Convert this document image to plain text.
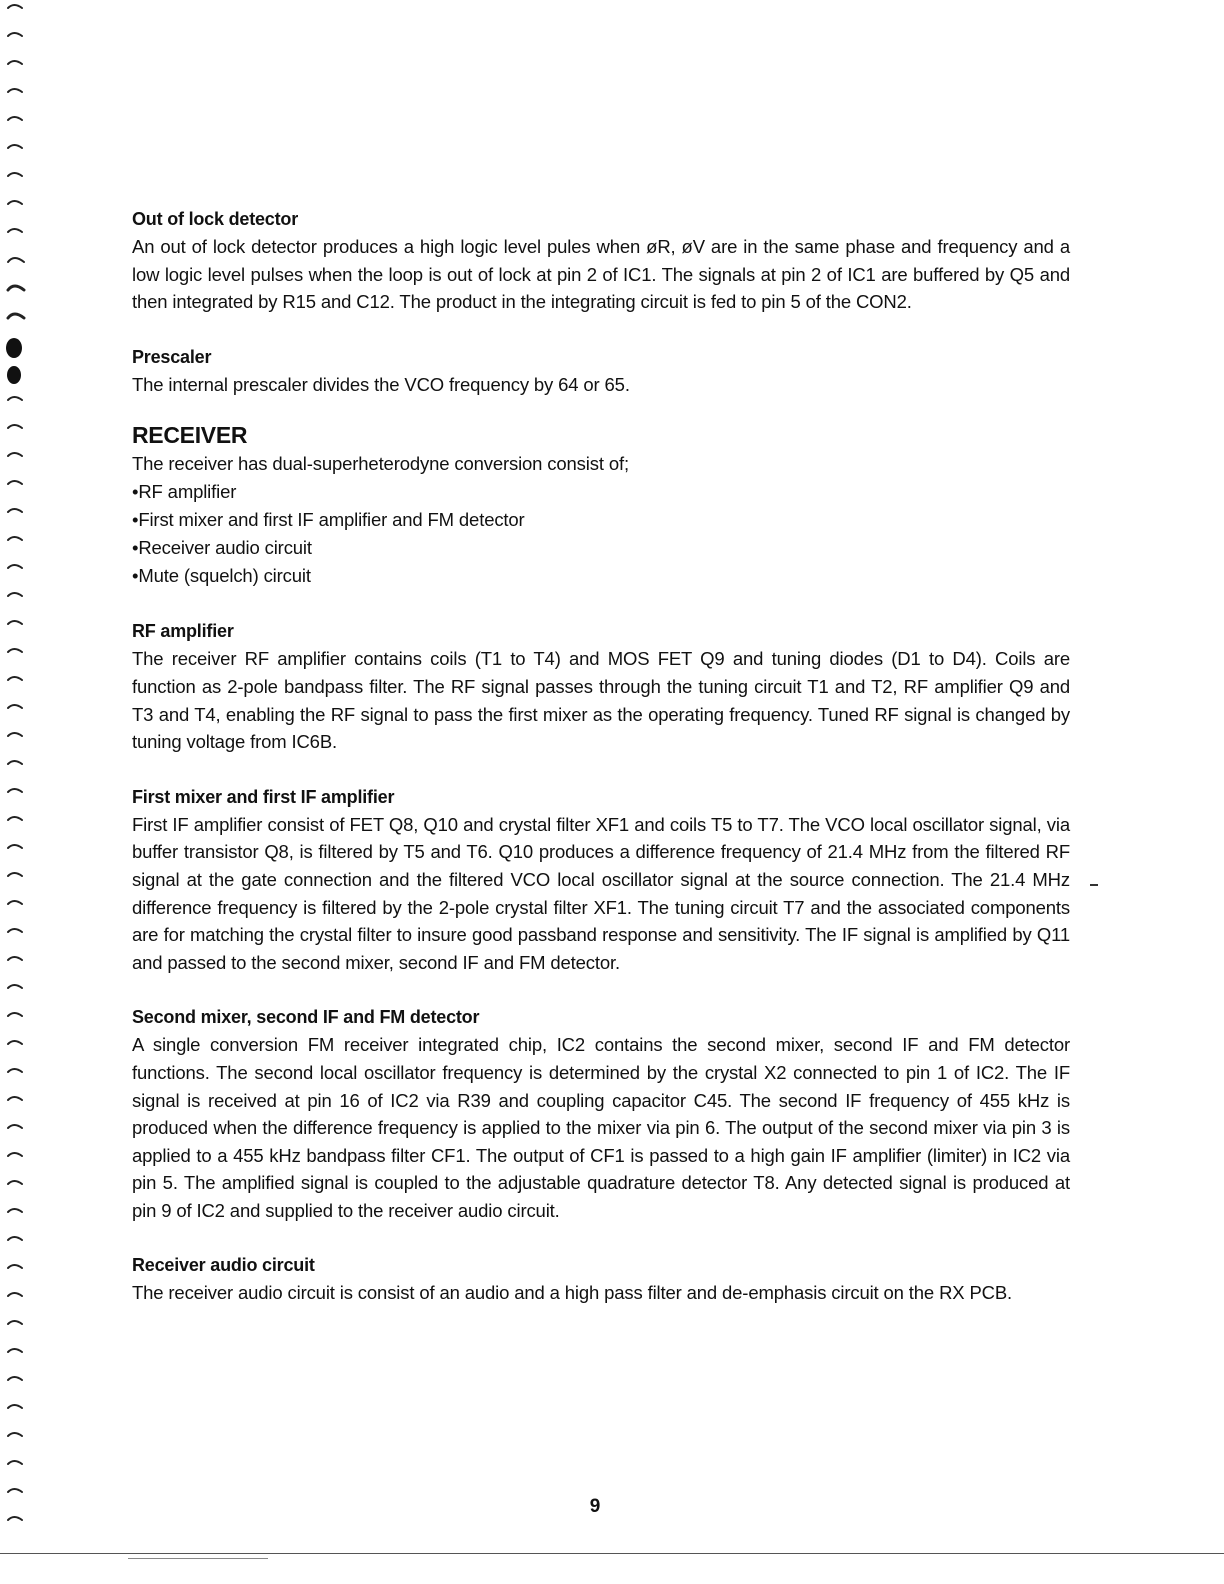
Out of lock detector

An out of lock detector produces a high logic level pules when øR, øV are in the same phase and frequency and a low logic level pulses when the loop is out of lock at pin 2 of IC1. The signals at pin 2 of IC1 are buffered by Q5 and then integrated by R15 and C12. The product in the integrating circuit is fed to pin 5 of the CON2.

Prescaler

The internal prescaler divides the VCO frequency by 64 or 65.

RECEIVER

The receiver has dual-superheterodyne conversion consist of;

•RF amplifier

•First mixer and first IF amplifier and FM detector

•Receiver audio circuit

•Mute (squelch) circuit

RF amplifier

The receiver RF amplifier contains coils (T1 to T4) and MOS FET Q9 and tuning diodes (D1 to D4). Coils are function as 2-pole bandpass filter. The RF signal passes through the tuning circuit T1 and T2, RF amplifier Q9 and T3 and T4, enabling the RF signal to pass the first mixer as the operating frequency. Tuned RF signal is changed by tuning voltage from IC6B.

First mixer and first IF amplifier

First IF amplifier consist of FET Q8, Q10 and crystal filter XF1 and coils T5 to T7. The VCO local oscillator signal, via buffer transistor Q8, is filtered by T5 and T6. Q10 produces a difference frequency of 21.4 MHz from the filtered RF signal at the gate connection and the filtered VCO local oscillator signal at the source connection. The 21.4 MHz difference frequency is filtered by the 2-pole crystal filter XF1. The tuning circuit T7 and the associated components are for matching the crystal filter to insure good passband response and sensitivity. The IF signal is amplified by Q11 and passed to the second mixer, second IF and FM detector.

Second mixer, second IF and FM detector

A single conversion FM receiver integrated chip, IC2 contains the second mixer, second IF and FM detector functions. The second local oscillator frequency is determined by the crystal X2 connected to pin 1 of IC2. The IF signal is received at pin 16 of IC2 via R39 and coupling capacitor C45. The second IF frequency of 455 kHz is produced when the difference frequency is applied to the mixer via pin 6. The output of the second mixer via pin 3 is applied to a 455 kHz bandpass filter CF1. The output of CF1 is passed to a high gain IF amplifier (limiter) in IC2 via pin 5. The amplified signal is coupled to the adjustable quadrature detector T8. Any detected signal is produced at pin 9 of IC2 and supplied to the receiver audio circuit.

Receiver audio circuit

The receiver audio circuit is consist of an audio and a high pass filter and de-emphasis circuit on the RX PCB.

9
